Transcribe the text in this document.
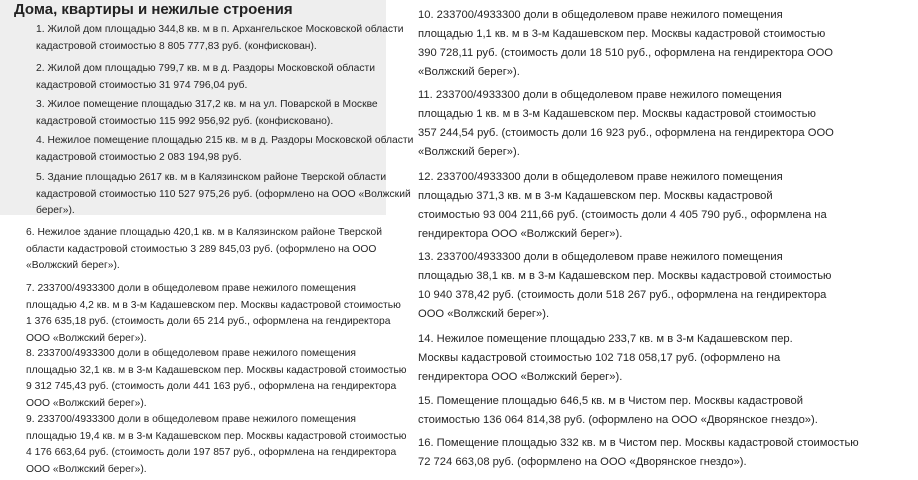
Дома, квартиры и нежилые строения
1. Жилой дом площадью 344,8 кв. м в п. Архангельское Московской области
кадастровой стоимостью 8 805 777,83 руб. (конфискован).
2. Жилой дом площадью 799,7 кв. м в д. Раздоры Московской области
кадастровой стоимостью 31 974 796,04 руб.
3. Жилое помещение площадью 317,2 кв. м на ул. Поварской в Москве
кадастровой стоимостью 115 992 956,92 руб. (конфисковано).
4. Нежилое помещение площадью 215 кв. м в д. Раздоры Московской области
кадастровой стоимостью 2 083 194,98 руб.
5. Здание площадью 2617 кв. м в Калязинском районе Тверской области
кадастровой стоимостью 110 527 975,26 руб. (оформлено на ООО «Волжский
берег»).
6. Нежилое здание площадью 420,1 кв. м в Калязинском районе Тверской
области кадастровой стоимостью 3 289 845,03 руб. (оформлено на ООО
«Волжский берег»).
7. 233700/4933300 доли в общедолевом праве нежилого помещения
площадью 4,2 кв. м в 3-м Кадашевском пер. Москвы кадастровой стоимостью
1 376 635,18 руб. (стоимость доли 65 214 руб., оформлена на гендиректора
ООО «Волжский берег»).
8. 233700/4933300 доли в общедолевом праве нежилого помещения
площадью 32,1 кв. м в 3-м Кадашевском пер. Москвы кадастровой стоимостью
9 312 745,43 руб. (стоимость доли 441 163 руб., оформлена на гендиректора
ООО «Волжский берег»).
9. 233700/4933300 доли в общедолевом праве нежилого помещения
площадью 19,4 кв. м в 3-м Кадашевском пер. Москвы кадастровой стоимостью
4 176 663,64 руб. (стоимость доли 197 857 руб., оформлена на гендиректора
ООО «Волжский берег»).
10. 233700/4933300 доли в общедолевом праве нежилого помещения
площадью 1,1 кв. м в 3-м Кадашевском пер. Москвы кадастровой стоимостью
390 728,11 руб. (стоимость доли 18 510 руб., оформлена на гендиректора ООО
«Волжский берег»).
11. 233700/4933300 доли в общедолевом праве нежилого помещения
площадью 1 кв. м в 3-м Кадашевском пер. Москвы кадастровой стоимостью
357 244,54 руб. (стоимость доли 16 923 руб., оформлена на гендиректора ООО
«Волжский берег»).
12. 233700/4933300 доли в общедолевом праве нежилого помещения
площадью 371,3 кв. м в 3-м Кадашевском пер. Москвы кадастровой
стоимостью 93 004 211,66 руб. (стоимость доли 4 405 790 руб., оформлена на
гендиректора ООО «Волжский берег»).
13. 233700/4933300 доли в общедолевом праве нежилого помещения
площадью 38,1 кв. м в 3-м Кадашевском пер. Москвы кадастровой стоимостью
10 940 378,42 руб. (стоимость доли 518 267 руб., оформлена на гендиректора
ООО «Волжский берег»).
14. Нежилое помещение площадью 233,7 кв. м в 3-м Кадашевском пер.
Москвы кадастровой стоимостью 102 718 058,17 руб. (оформлено на
гендиректора ООО «Волжский берег»).
15. Помещение площадью 646,5 кв. м в Чистом пер. Москвы кадастровой
стоимостью 136 064 814,38 руб. (оформлено на ООО «Дворянское гнездо»).
16. Помещение площадью 332 кв. м в Чистом пер. Москвы кадастровой стоимостью
72 724 663,08 руб. (оформлено на ООО «Дворянское гнездо»).
